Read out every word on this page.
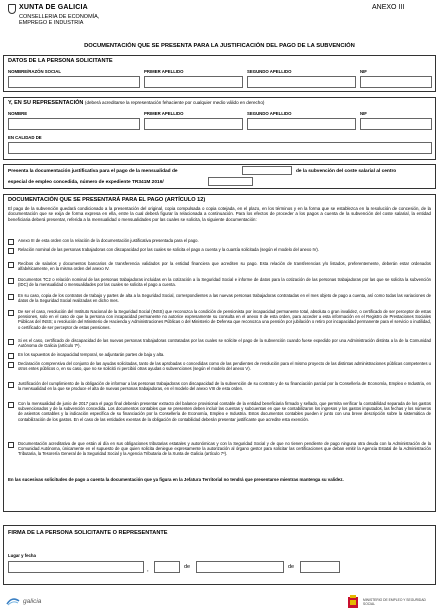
XUNTA DE GALICIA
CONSELLERIA DE ECONOMÍA,
EMPREGO E INDUSTRIA
ANEXO III
DOCUMENTACIÓN QUE SE PRESENTA PARA LA JUSTIFICACIÓN DEL PAGO DE LA SUBVENCIÓN
DATOS DE LA PERSONA SOLICITANTE
NOMBRE/RAZÓN SOCIAL	PRIMER APELLIDO	SEGUNDO APELLIDO	NIF
Y, EN SU REPRESENTACIÓN (deberá acreditarse la representación fehaciente por cualquier medio válido en derecho)
NOMBRE	PRIMER APELLIDO	SEGUNDO APELLIDO	NIF
EN CALIDAD DE
Presenta la documentación justificativa para el pago de la mensualidad de	de la subvención del coste salarial al centro
especial de empleo concedida, número de expediente TR341M 2016/
DOCUMENTACIÓN QUE SE PRESENTARÁ PARA EL PAGO (ARTÍCULO 12)
El pago de la subvención quedará condicionado a la presentación del original, copia compulsada o copia cotejada, en el plazo, en los términos y en la forma que se establezca en la resolución de concesión, de la documentación que se exija de forma expresa en ella, entre la cual deberá figurar la relacionada a continuación. Para los efectos de proceder a los pagos a cuenta de la subvención del coste salarial, la entidad beneficiaria deberá presentar, referida a la mensualidad o mensualidades por las cuales se solicita, la siguiente documentación:
Anexo III de esta orden con la relación de la documentación justificativa presentada para el pago.
Relación nominal de las personas trabajadoras con discapacidad por las cuales se solicita el pago a cuenta y la cuantía solicitada (según el modelo del anexo IV).
Recibos de salarios y documentos bancarios de transferencia validados por la entidad financiera que acrediten su pago. Esta relación de transferencias y/o listados, preferentemente, deberán estar ordenados alfabéticamente, en la misma orden del anexo IV.
Documentos TC2 o relación nominal de las personas trabajadoras incluidas en la cotización a la Seguridad Social e informe de datos para la cotización de las personas trabajadoras por las que se solicita la subvención (IDC) de la mensualidad o mensualidades por las cuales se solicita el pago a cuenta.
En su caso, copia de los contratos de trabajo y partes de alta a la Seguridad Social, correspondientes a las nuevas personas trabajadoras contratadas en el mes objeto de pago a cuenta, así como todas las variaciones de datos de la Seguridad Social realizadas en dicho mes.
De ser el caso, resolución del Instituto Nacional de la Seguridad Social (INSS) que reconozca la condición de pensionista por incapacidad permanente total, absoluta o gran invalidez, o certificado de ser perceptor de estas pensiones, solo en el caso de que la persona con incapacidad permanente no autorice expresamente su consulta en el anexo II de esta orden, para acceder a esta información en el Registro de Prestaciones Sociales Públicas del INSS; o resolución del Ministerio de Hacienda y Administraciones Públicas o del Ministerio de Defensa que reconozca una pensión por jubilación o retiro por incapacidad permanente para el servicio o inutilidad, o certificado de ser perceptor de estas pensiones.
Si es el caso, certificado de discapacidad de las nuevas personas trabajadoras contratadas por las cuales se solicite el pago de la subvención cuando fuese expedido por una Administración distinta a la de la Comunidad Autónoma de Galicia (artículo 7º).
En los supuestos de incapacidad temporal, se adjuntarán partes de baja y alta.
Declaración comprensiva del conjunto de las ayudas solicitadas, tanto de las aprobadas o concedidas como de las pendientes de resolución para el mismo proyecto de las distintas administraciones públicas competentes u otros entes públicos o, en su caso, que no se solicitó ni percibió otras ayudas o subvenciones (según el modelo del anexo V).
Justificación del cumplimiento de la obligación de informar a las personas trabajadoras con discapacidad de la subvención de su contrato y de su financiación parcial por la Consellería de Economía, Empleo e Industria, en la mensualidad en la que se produce el alta de nuevas personas trabajadoras, en el modelo del anexo VIII de esta orden.
Con la mensualidad de junio de 2017 para el pago final deberán presentar extracto del balance provisional contable de la entidad beneficiaria firmado y sellado, que permita verificar la contabilidad separada de los gastos subvencionados y de la subvención concedida. Los documentos contables que se presenten deben incluir las cuentas y subcuentas en que se contabilizaron los ingresos y los gastos imputados, las fechas y los números de asientos contables y la indicación específica de su financiación por la Consellería de Economía, Empleo e Industria. Estos documentos contables pueden ir junto con una breve descripción sobre la sistemática de contabilización de los gastos. En el caso de las entidades exentas de la obligación de contabilidad deberán presentar justificante que acredite esta exención.
Documentación acreditativa de que están al día en sus obligaciones tributarias estatales y autonómicas y con la Seguridad Social y de que no tienen pendiente de pago ninguna otra deuda con la Administración de la Comunidad Autónoma, únicamente en el supuesto de que quien solicita deniegue expresamente la autorización al órgano gestor para solicitar las certificaciones que deban emitir la Agencia Estatal de la Administración Tributaria, la Tesorería General de la Seguridad Social y la Agencia Tributaria de la Xunta de Galicia (artículo 7º).
En las sucesivas solicitudes de pago a cuenta la documentación que ya figura en la Jefatura Territorial no tendrá que presentarse mientras mantenga su validez.
FIRMA DE LA PERSONA SOLICITANTE O REPRESENTANTE
Lugar y fecha
,	de	de
galicia	MINISTERIO DE EMPLEO Y SEGURIDAD SOCIAL
